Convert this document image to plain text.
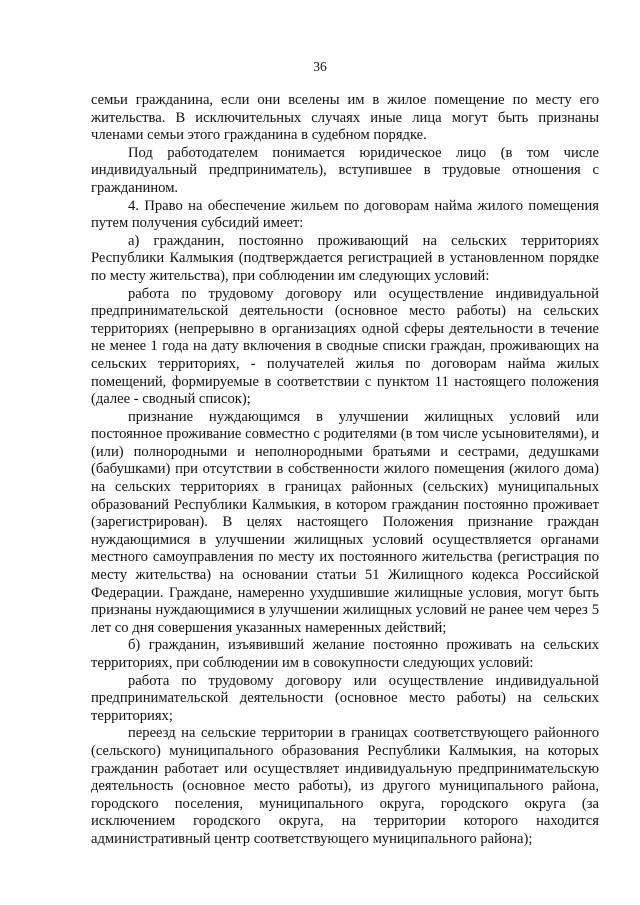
36

семьи гражданина, если они вселены им в жилое помещение по месту его жительства. В исключительных случаях иные лица могут быть признаны членами семьи этого гражданина в судебном порядке.

Под работодателем понимается юридическое лицо (в том числе индивидуальный предприниматель), вступившее в трудовые отношения с гражданином.

4. Право на обеспечение жильем по договорам найма жилого помещения путем получения субсидий имеет:

а) гражданин, постоянно проживающий на сельских территориях Республики Калмыкия (подтверждается регистрацией в установленном порядке по месту жительства), при соблюдении им следующих условий:

работа по трудовому договору или осуществление индивидуальной предпринимательской деятельности (основное место работы) на сельских территориях (непрерывно в организациях одной сферы деятельности в течение не менее 1 года на дату включения в сводные списки граждан, проживающих на сельских территориях, - получателей жилья по договорам найма жилых помещений, формируемые в соответствии с пунктом 11 настоящего положения (далее - сводный список);

признание нуждающимся в улучшении жилищных условий или постоянное проживание совместно с родителями (в том числе усыновителями), и (или) полнородными и неполнородными братьями и сестрами, дедушками (бабушками) при отсутствии в собственности жилого помещения (жилого дома) на сельских территориях в границах районных (сельских) муниципальных образований Республики Калмыкия, в котором гражданин постоянно проживает (зарегистрирован). В целях настоящего Положения признание граждан нуждающимися в улучшении жилищных условий осуществляется органами местного самоуправления по месту их постоянного жительства (регистрация по месту жительства) на основании статьи 51 Жилищного кодекса Российской Федерации. Граждане, намеренно ухудшившие жилищные условия, могут быть признаны нуждающимися в улучшении жилищных условий не ранее чем через 5 лет со дня совершения указанных намеренных действий;

б) гражданин, изъявивший желание постоянно проживать на сельских территориях, при соблюдении им в совокупности следующих условий:

работа по трудовому договору или осуществление индивидуальной предпринимательской деятельности (основное место работы) на сельских территориях;

переезд на сельские территории в границах соответствующего районного (сельского) муниципального образования Республики Калмыкия, на которых гражданин работает или осуществляет индивидуальную предпринимательскую деятельность (основное место работы), из другого муниципального района, городского поселения, муниципального округа, городского округа (за исключением городского округа, на территории которого находится административный центр соответствующего муниципального района);
